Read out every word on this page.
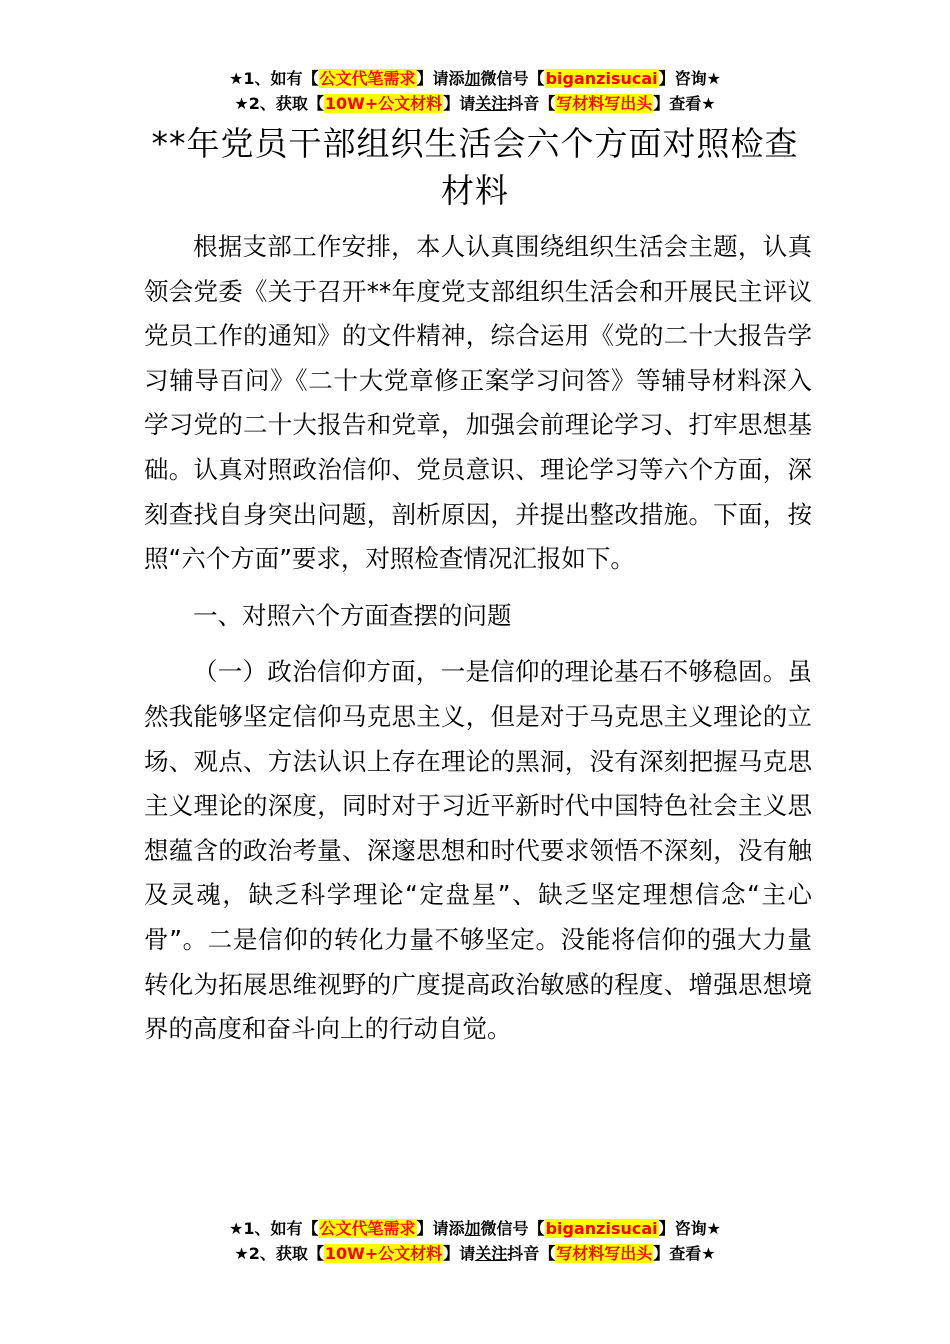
★1、如有【公文代笔需求】请添加微信号【biganzisucai】咨询★
★2、获取【10W+公文材料】请关注抖音【写材料写出头】查看★
**年党员干部组织生活会六个方面对照检查材料

根据支部工作安排，本人认真围绕组织生活会主题，认真领会党委《关于召开**年度党支部组织生活会和开展民主评议党员工作的通知》的文件精神，综合运用《党的二十大报告学习辅导百问》《二十大党章修正案学习问答》等辅导材料深入学习党的二十大报告和党章，加强会前理论学习、打牢思想基础。认真对照政治信仰、党员意识、理论学习等六个方面，深刻查找自身突出问题，剖析原因，并提出整改措施。下面，按照“六个方面”要求，对照检查情况汇报如下。

一、对照六个方面查摆的问题

（一）政治信仰方面，一是信仰的理论基石不够稳固。虽然我能够坚定信仰马克思主义，但是对于马克思主义理论的立场、观点、方法认识上存在理论的黑洞，没有深刻把握马克思主义理论的深度，同时对于习近平新时代中国特色社会主义思想蕴含的政治考量、深邃思想和时代要求领悟不深刻，没有触及灵魂，缺乏科学理论“定盘星”、缺乏坚定理想信念“主心骨”。二是信仰的转化力量不够坚定。没能将信仰的强大力量转化为拓展思维视野的广度提高政治敏感的程度、增强思想境界的高度和奋斗向上的行动自觉。

★1、如有【公文代笔需求】请添加微信号【biganzisucai】咨询★
★2、获取【10W+公文材料】请关注抖音【写材料写出头】查看★
